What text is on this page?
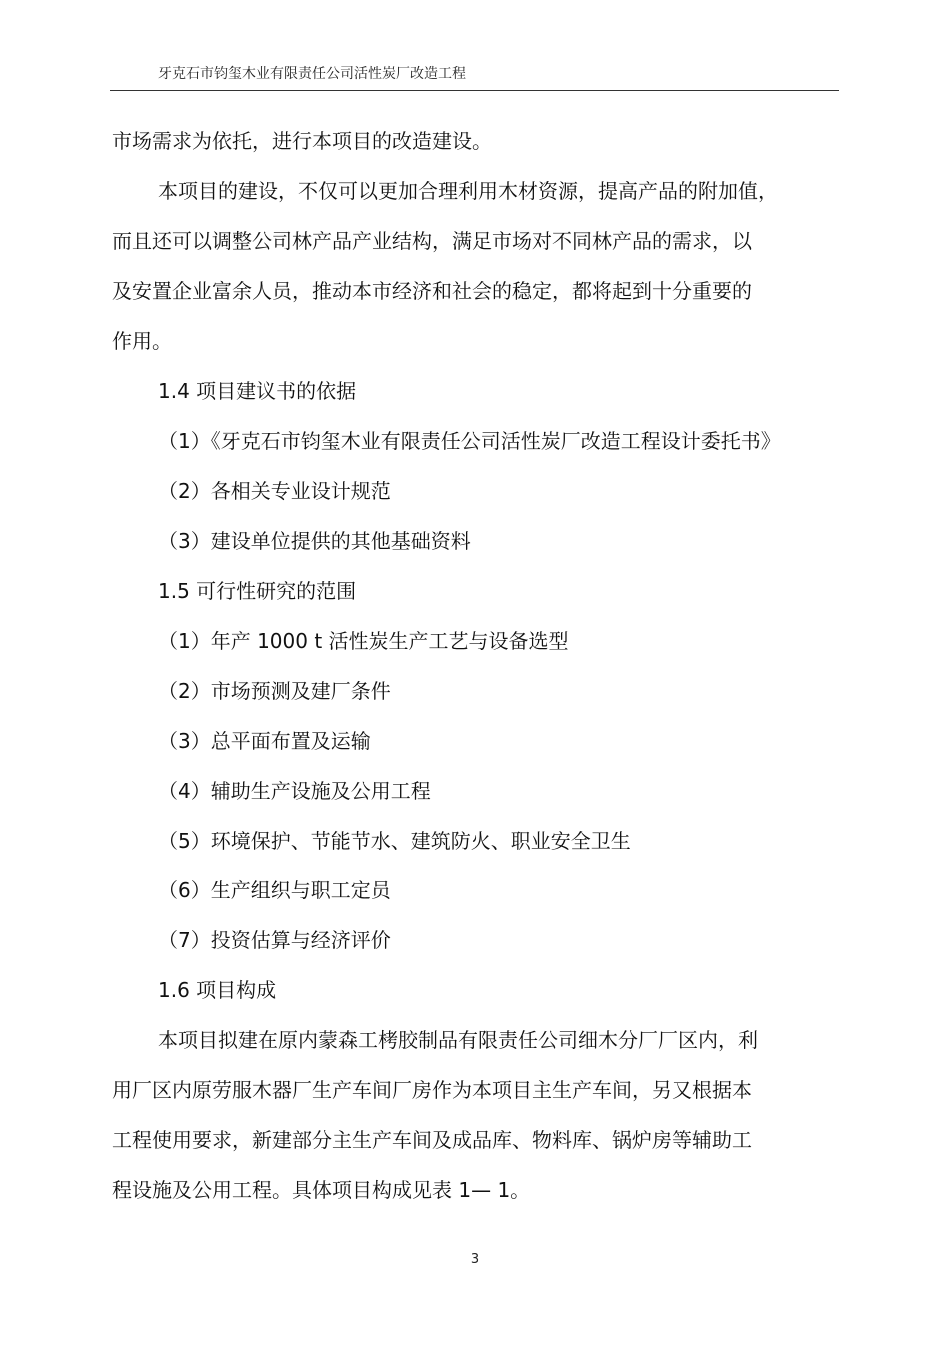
牙克石市钧玺木业有限责任公司活性炭厂改造工程
市场需求为依托，进行本项目的改造建设。
本项目的建设，不仅可以更加合理利用木材资源，提高产品的附加值，
而且还可以调整公司林产品产业结构，满足市场对不同林产品的需求，以
及安置企业富余人员，推动本市经济和社会的稳定，都将起到十分重要的
作用。
1.4 项目建议书的依据
（1）《牙克石市钧玺木业有限责任公司活性炭厂改造工程设计委托书》
（2）各相关专业设计规范
（3）建设单位提供的其他基础资料
1.5 可行性研究的范围
（1）年产 1000 t 活性炭生产工艺与设备选型
（2）市场预测及建厂条件
（3）总平面布置及运输
（4）辅助生产设施及公用工程
（5）环境保护、节能节水、建筑防火、职业安全卫生
（6）生产组织与职工定员
（7）投资估算与经济评价
1.6 项目构成
本项目拟建在原内蒙森工栲胶制品有限责任公司细木分厂厂区内，利
用厂区内原劳服木器厂生产车间厂房作为本项目主生产车间，另又根据本
工程使用要求，新建部分主生产车间及成品库、物料库、锅炉房等辅助工
程设施及公用工程。具体项目构成见表 1— 1。
3
